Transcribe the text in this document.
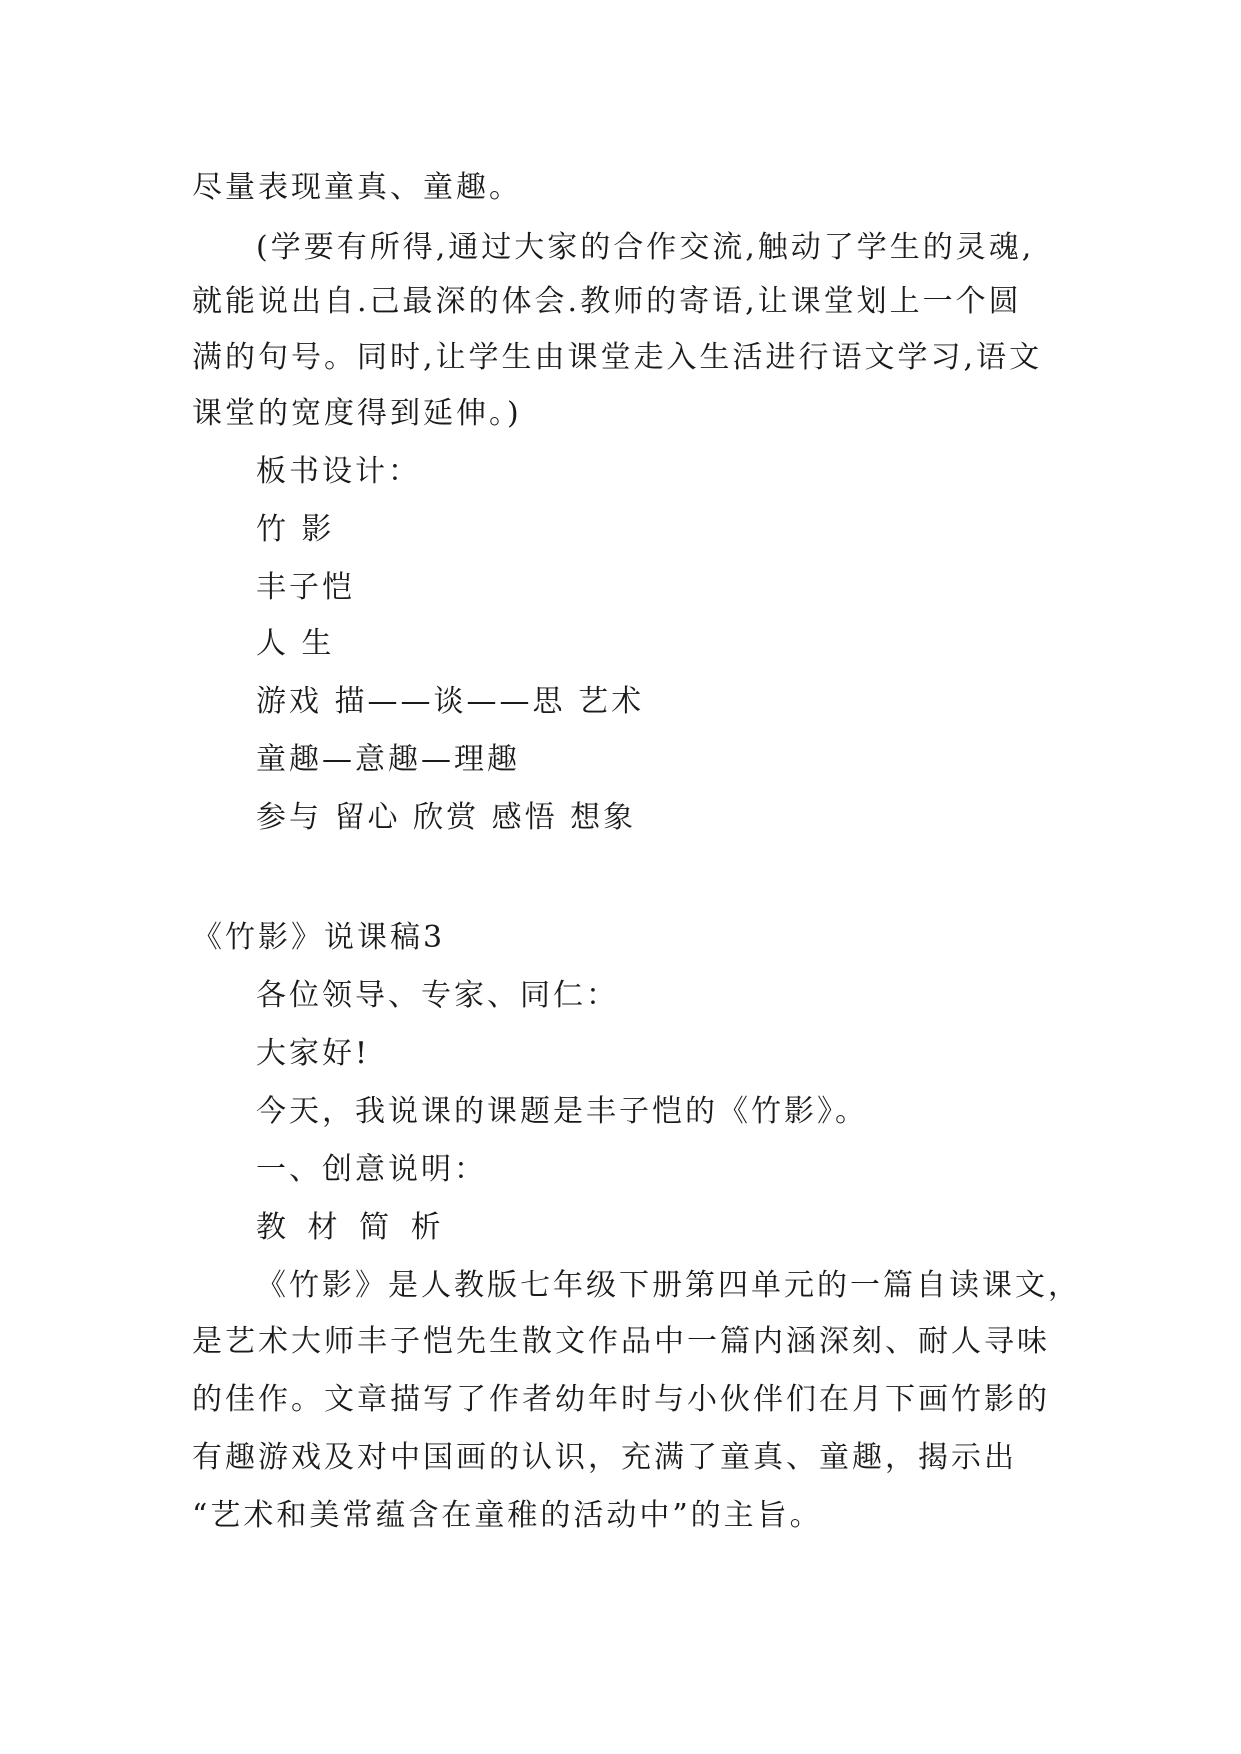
尽量表现童真、童趣。
(学要有所得,通过大家的合作交流,触动了学生的灵魂,
就能说出自.己最深的体会.教师的寄语,让课堂划上一个圆
满的句号。同时,让学生由课堂走入生活进行语文学习,语文
课堂的宽度得到延伸。)
板书设计：
竹 影
丰子恺
人 生
游戏 描——谈——思 艺术
童趣—意趣—理趣
参与 留心 欣赏 感悟 想象
《竹影》说课稿3
各位领导、专家、同仁：
大家好!
今天，我说课的课题是丰子恺的《竹影》。
一、创意说明：
教 材 简 析
《竹影》是人教版七年级下册第四单元的一篇自读课文，
是艺术大师丰子恺先生散文作品中一篇内涵深刻、耐人寻味
的佳作。文章描写了作者幼年时与小伙伴们在月下画竹影的
有趣游戏及对中国画的认识，充满了童真、童趣，揭示出
“艺术和美常蕴含在童稚的活动中”的主旨。
